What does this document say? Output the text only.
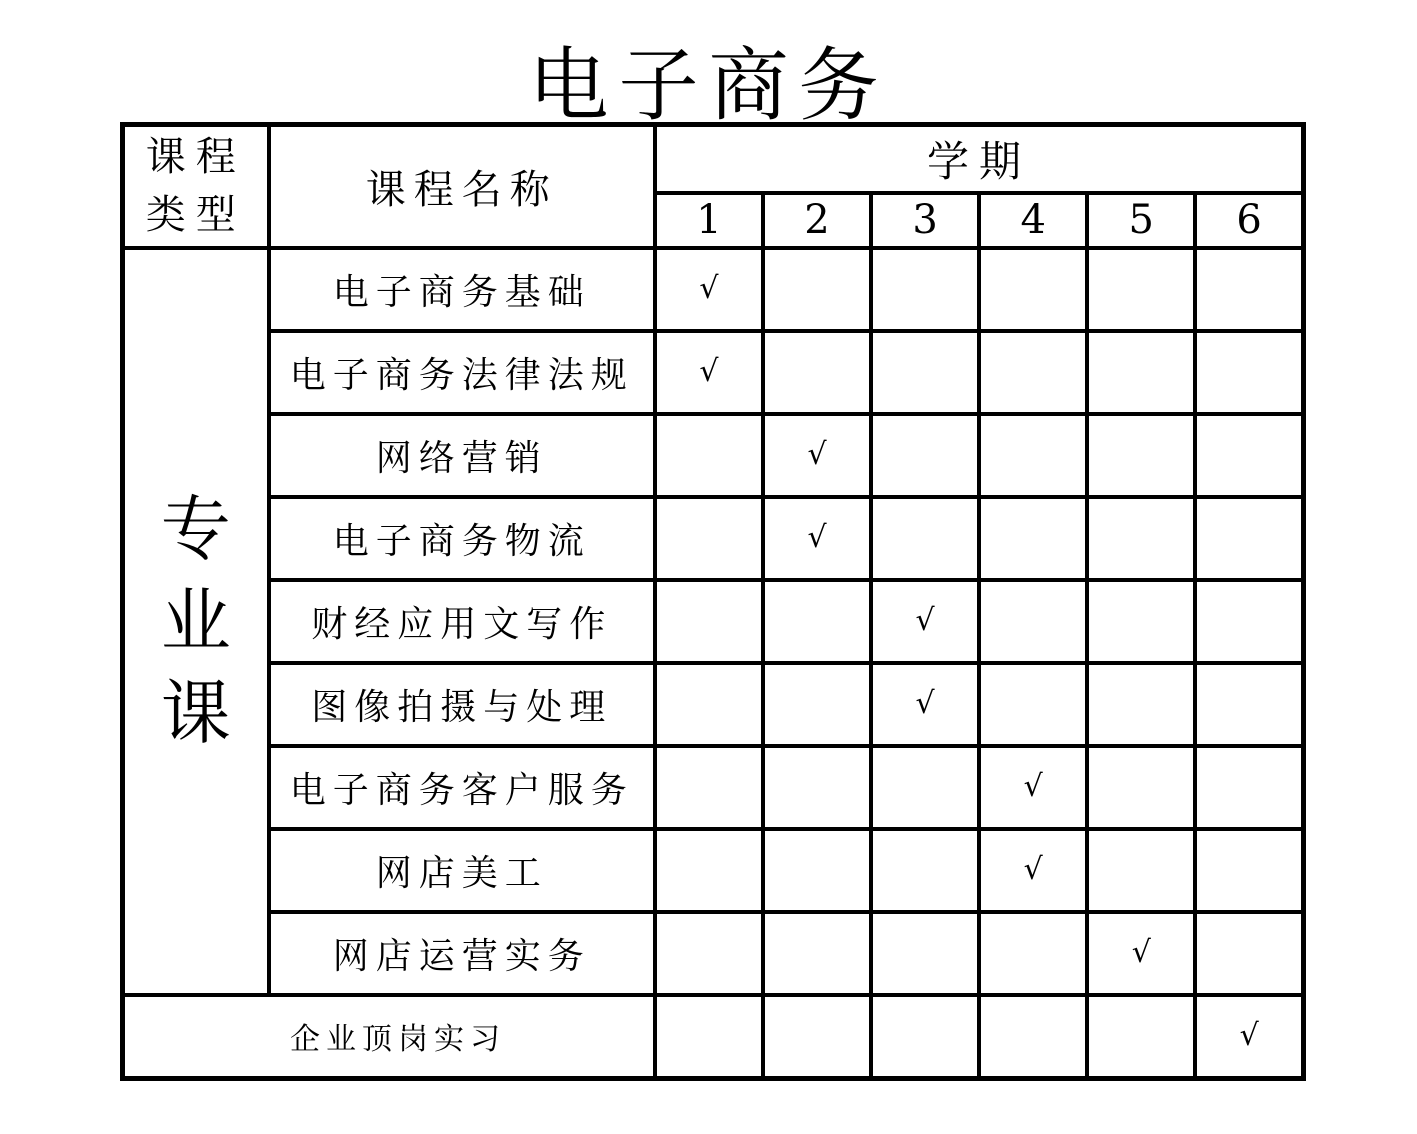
电子商务
课程
类型	课程名称	学期					
		1	2	3	4	5	6

专
业
课	电子商务基础	√					
	电子商务法律法规	√					
	网络营销		√				
	电子商务物流		√				
	财经应用文写作			√			
	图像拍摄与处理			√			
	电子商务客户服务				√		
	网店美工				√		
	网店运营实务					√	
企业顶岗实习							√
